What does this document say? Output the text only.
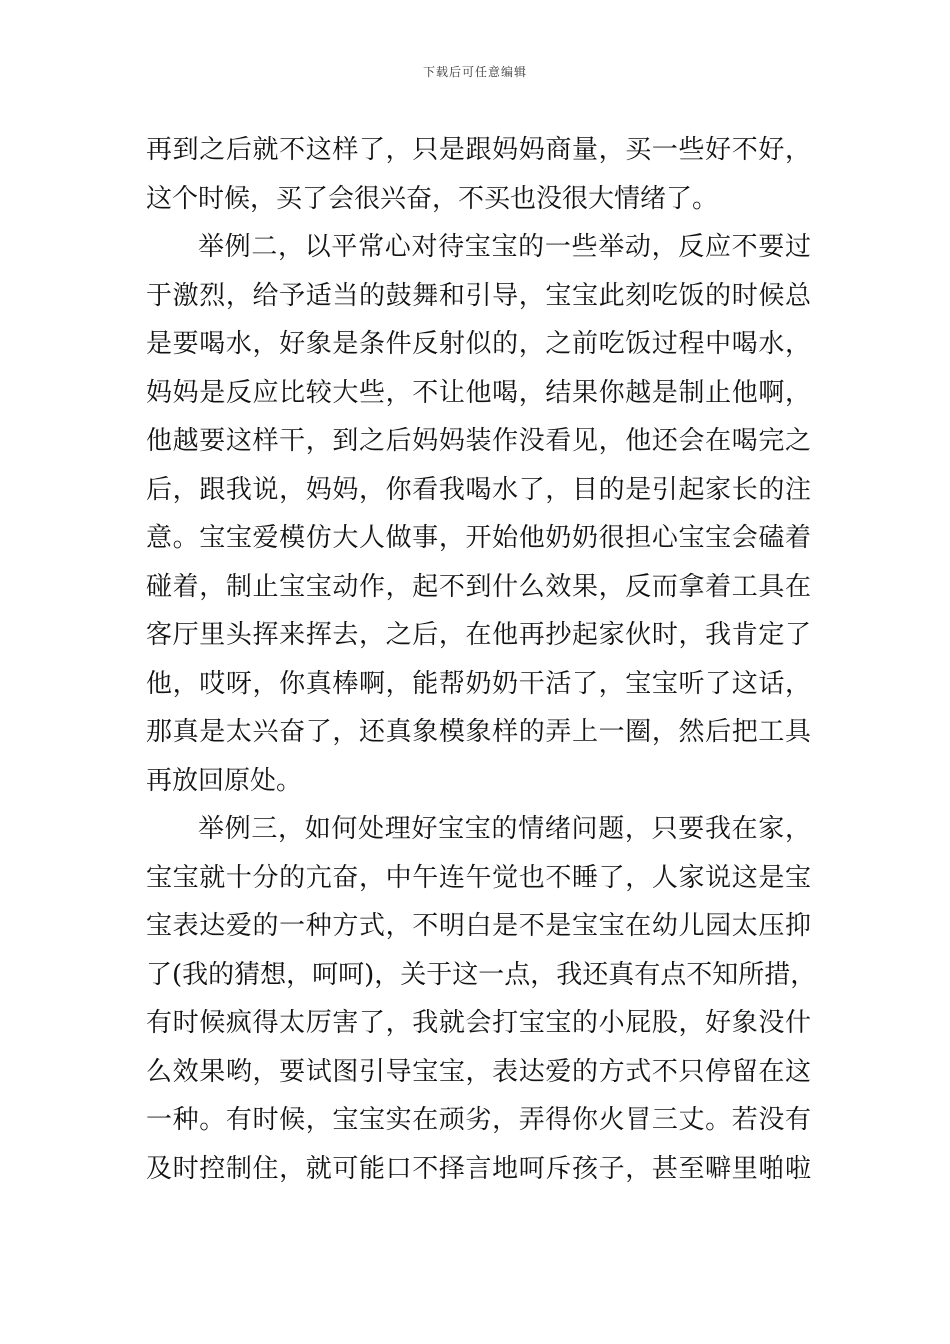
下载后可任意编辑
再到之后就不这样了，只是跟妈妈商量，买一些好不好，
这个时候，买了会很兴奋，不买也没很大情绪了。
举例二，以平常心对待宝宝的一些举动，反应不要过
于激烈，给予适当的鼓舞和引导，宝宝此刻吃饭的时候总
是要喝水，好象是条件反射似的，之前吃饭过程中喝水，
妈妈是反应比较大些，不让他喝，结果你越是制止他啊，
他越要这样干，到之后妈妈装作没看见，他还会在喝完之
后，跟我说，妈妈，你看我喝水了，目的是引起家长的注
意。宝宝爱模仿大人做事，开始他奶奶很担心宝宝会磕着
碰着，制止宝宝动作，起不到什么效果，反而拿着工具在
客厅里头挥来挥去，之后，在他再抄起家伙时，我肯定了
他，哎呀，你真棒啊，能帮奶奶干活了，宝宝听了这话，
那真是太兴奋了，还真象模象样的弄上一圈，然后把工具
再放回原处。
举例三，如何处理好宝宝的情绪问题，只要我在家，
宝宝就十分的亢奋，中午连午觉也不睡了，人家说这是宝
宝表达爱的一种方式，不明白是不是宝宝在幼儿园太压抑
了(我的猜想，呵呵)，关于这一点，我还真有点不知所措，
有时候疯得太厉害了，我就会打宝宝的小屁股，好象没什
么效果哟，要试图引导宝宝，表达爱的方式不只停留在这
一种。有时候，宝宝实在顽劣，弄得你火冒三丈。若没有
及时控制住，就可能口不择言地呵斥孩子，甚至噼里啪啦
